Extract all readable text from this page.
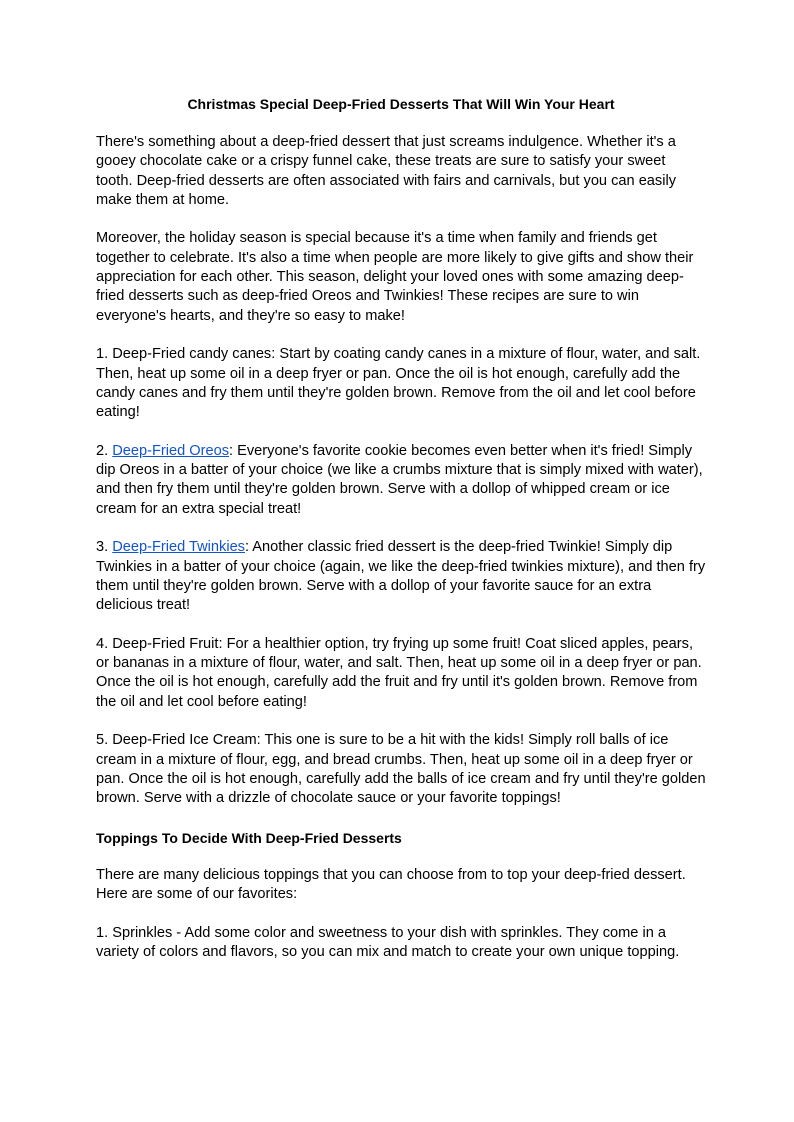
Christmas Special Deep-Fried Desserts That Will Win Your Heart

There's something about a deep-fried dessert that just screams indulgence. Whether it's a gooey chocolate cake or a crispy funnel cake, these treats are sure to satisfy your sweet tooth. Deep-fried desserts are often associated with fairs and carnivals, but you can easily make them at home.

Moreover, the holiday season is special because it's a time when family and friends get together to celebrate. It's also a time when people are more likely to give gifts and show their appreciation for each other. This season, delight your loved ones with some amazing deep-fried desserts such as deep-fried Oreos and Twinkies! These recipes are sure to win everyone's hearts, and they're so easy to make!

1. Deep-Fried candy canes: Start by coating candy canes in a mixture of flour, water, and salt. Then, heat up some oil in a deep fryer or pan. Once the oil is hot enough, carefully add the candy canes and fry them until they're golden brown. Remove from the oil and let cool before eating!

2. Deep-Fried Oreos: Everyone's favorite cookie becomes even better when it's fried! Simply dip Oreos in a batter of your choice (we like a crumbs mixture that is simply mixed with water), and then fry them until they're golden brown. Serve with a dollop of whipped cream or ice cream for an extra special treat!

3. Deep-Fried Twinkies: Another classic fried dessert is the deep-fried Twinkie! Simply dip Twinkies in a batter of your choice (again, we like the deep-fried twinkies mixture), and then fry them until they're golden brown. Serve with a dollop of your favorite sauce for an extra delicious treat!

4. Deep-Fried Fruit: For a healthier option, try frying up some fruit! Coat sliced apples, pears, or bananas in a mixture of flour, water, and salt. Then, heat up some oil in a deep fryer or pan. Once the oil is hot enough, carefully add the fruit and fry until it's golden brown. Remove from the oil and let cool before eating!

5. Deep-Fried Ice Cream: This one is sure to be a hit with the kids! Simply roll balls of ice cream in a mixture of flour, egg, and bread crumbs. Then, heat up some oil in a deep fryer or pan. Once the oil is hot enough, carefully add the balls of ice cream and fry until they're golden brown. Serve with a drizzle of chocolate sauce or your favorite toppings!

Toppings To Decide With Deep-Fried Desserts

There are many delicious toppings that you can choose from to top your deep-fried dessert. Here are some of our favorites:

1. Sprinkles - Add some color and sweetness to your dish with sprinkles. They come in a variety of colors and flavors, so you can mix and match to create your own unique topping.
